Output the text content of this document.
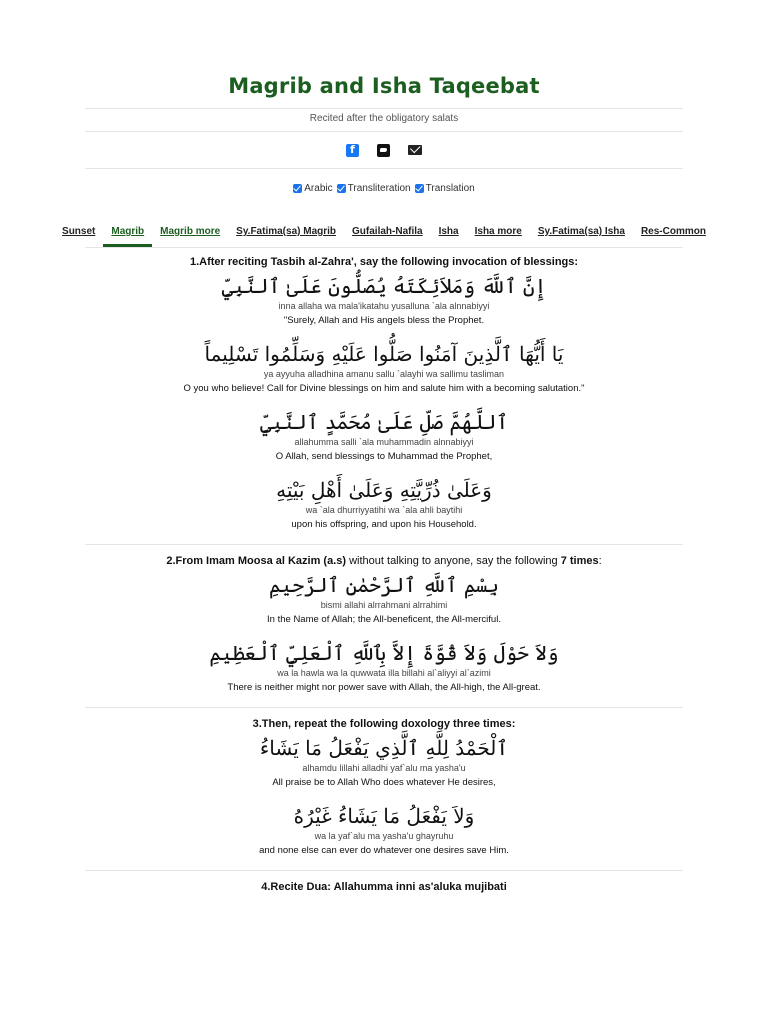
Magrib and Isha Taqeebat
Recited after the obligatory salats
f
Arabic Transliteration Translation
Sunset	Magrib	Magrib more	Sy.Fatima(sa) Magrib	Gufailah-Nafila	Isha	Isha more	Sy.Fatima(sa) Isha	Res-Common

1.After reciting Tasbih al-Zahra', say the following invocation of blessings:

إِنَّ ٱللَّهَ وَمَلاَئِكَتَهُ يُصَلُّونَ عَلَىٰ ٱلنَّبِيِّ

inna allaha wa mala'ikatahu yusalluna `ala alnnabiyyi

"Surely, Allah and His angels bless the Prophet.

يَا أَيُّهَا ٱلَّذِينَ آمَنُوا صَلُّوا عَلَيْهِ وَسَلِّمُوا تَسْلِيماً

ya ayyuha alladhina amanu sallu `alayhi wa sallimu tasliman

O you who believe! Call for Divine blessings on him and salute him with a becoming salutation."

ٱللَّهُمَّ صَلِّ عَلَىٰ مُحَمَّدٍ ٱلنَّبِيِّ

allahumma salli `ala muhammadin alnnabiyyi

O Allah, send blessings to Muhammad the Prophet,

وَعَلَىٰ ذُرِّيَّتِهِ وَعَلَىٰ أَهْلِ بَيْتِهِ

wa `ala dhurriyyatihi wa `ala ahli baytihi

upon his offspring, and upon his Household.

2.From Imam Moosa al Kazim (a.s) without talking to anyone, say the following 7 times:

بِسْمِ ٱللَّهِ ٱلرَّحْمٰنِ ٱلرَّحِيمِ

bismi allahi alrrahmani alrrahimi

In the Name of Allah; the All-beneficent, the All-merciful.

وَلاَ حَوْلَ وَلاَ قُوَّةَ إِلاَّ بِٱللَّهِ ٱلْعَلِيِّ ٱلْعَظِيمِ

wa la hawla wa la quwwata illa billahi al`aliyyi al`azimi

There is neither might nor power save with Allah, the All-high, the All-great.

3.Then, repeat the following doxology three times:

ٱلْحَمْدُ لِلَّهِ ٱلَّذِي يَفْعَلُ مَا يَشَاءُ

alhamdu lillahi alladhi yaf`alu ma yasha'u

All praise be to Allah Who does whatever He desires,

وَلاَ يَفْعَلُ مَا يَشَاءُ غَيْرُهُ

wa la yaf`alu ma yasha'u ghayruhu

and none else can ever do whatever one desires save Him.

4.Recite Dua: Allahumma inni as'aluka mujibati
